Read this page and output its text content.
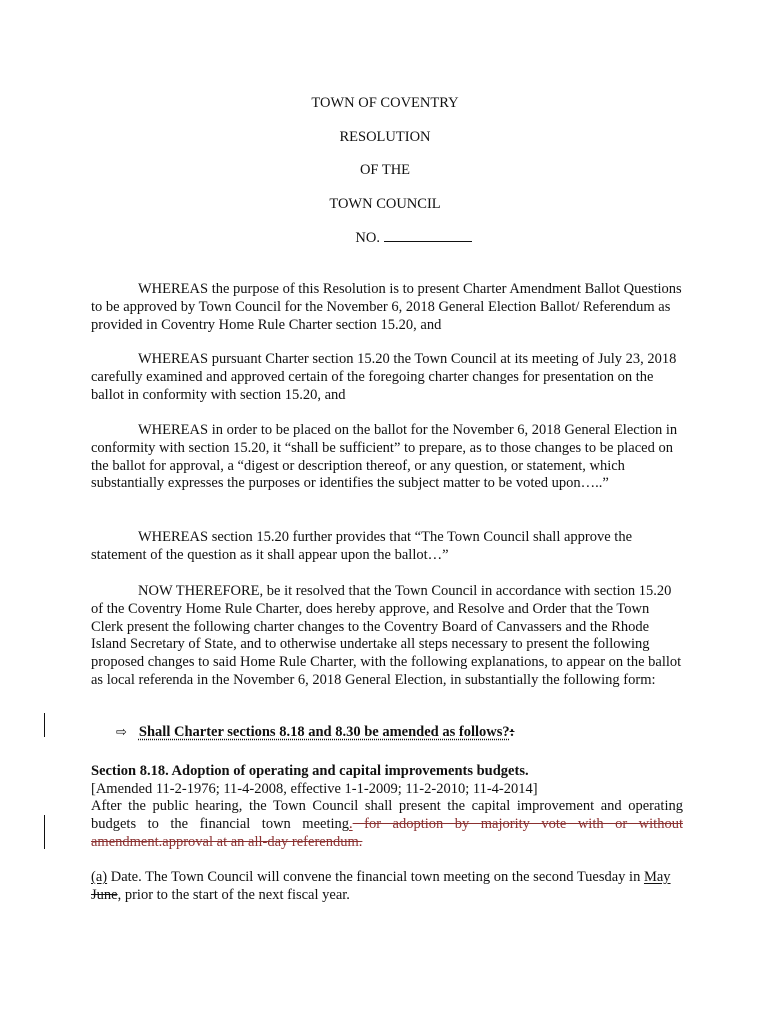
TOWN OF COVENTRY
RESOLUTION
OF THE
TOWN COUNCIL
NO.

WHEREAS the purpose of this Resolution is to present Charter Amendment Ballot Questions to be approved by Town Council for the November 6, 2018 General Election Ballot/ Referendum as provided in Coventry Home Rule Charter section 15.20, and

WHEREAS pursuant Charter section 15.20 the Town Council at its meeting of July 23, 2018 carefully examined and approved certain of the foregoing charter changes for presentation on the ballot in conformity with section 15.20, and

WHEREAS in order to be placed on the ballot for the November 6, 2018 General Election in conformity with section 15.20, it “shall be sufficient” to prepare, as to those changes to be placed on the ballot for approval, a “digest or description thereof, or any question, or statement, which substantially expresses the purposes or identifies the subject matter to be voted upon…..”

WHEREAS section 15.20 further provides that “The Town Council shall approve the statement of the question as it shall appear upon the ballot…”

NOW THEREFORE, be it resolved that the Town Council in accordance with section 15.20 of the Coventry Home Rule Charter, does hereby approve, and Resolve and Order that the Town Clerk present the following charter changes to the Coventry Board of Canvassers and the Rhode Island Secretary of State, and to otherwise undertake all steps necessary to present the following proposed changes to said Home Rule Charter, with the following explanations, to appear on the ballot as local referenda in the November 6, 2018 General Election, in substantially the following form:

⇨ Shall Charter sections 8.18 and 8.30 be amended as follows?:
Section 8.18. Adoption of operating and capital improvements budgets.
[Amended 11-2-1976; 11-4-2008, effective 1-1-2009; 11-2-2010; 11-4-2014]

After the public hearing, the Town Council shall present the capital improvement and operating budgets to the financial town meeting. for adoption by majority vote with or without amendment.approval at an all-day referendum.

(a) Date. The Town Council will convene the financial town meeting on the second Tuesday in May June, prior to the start of the next fiscal year.
